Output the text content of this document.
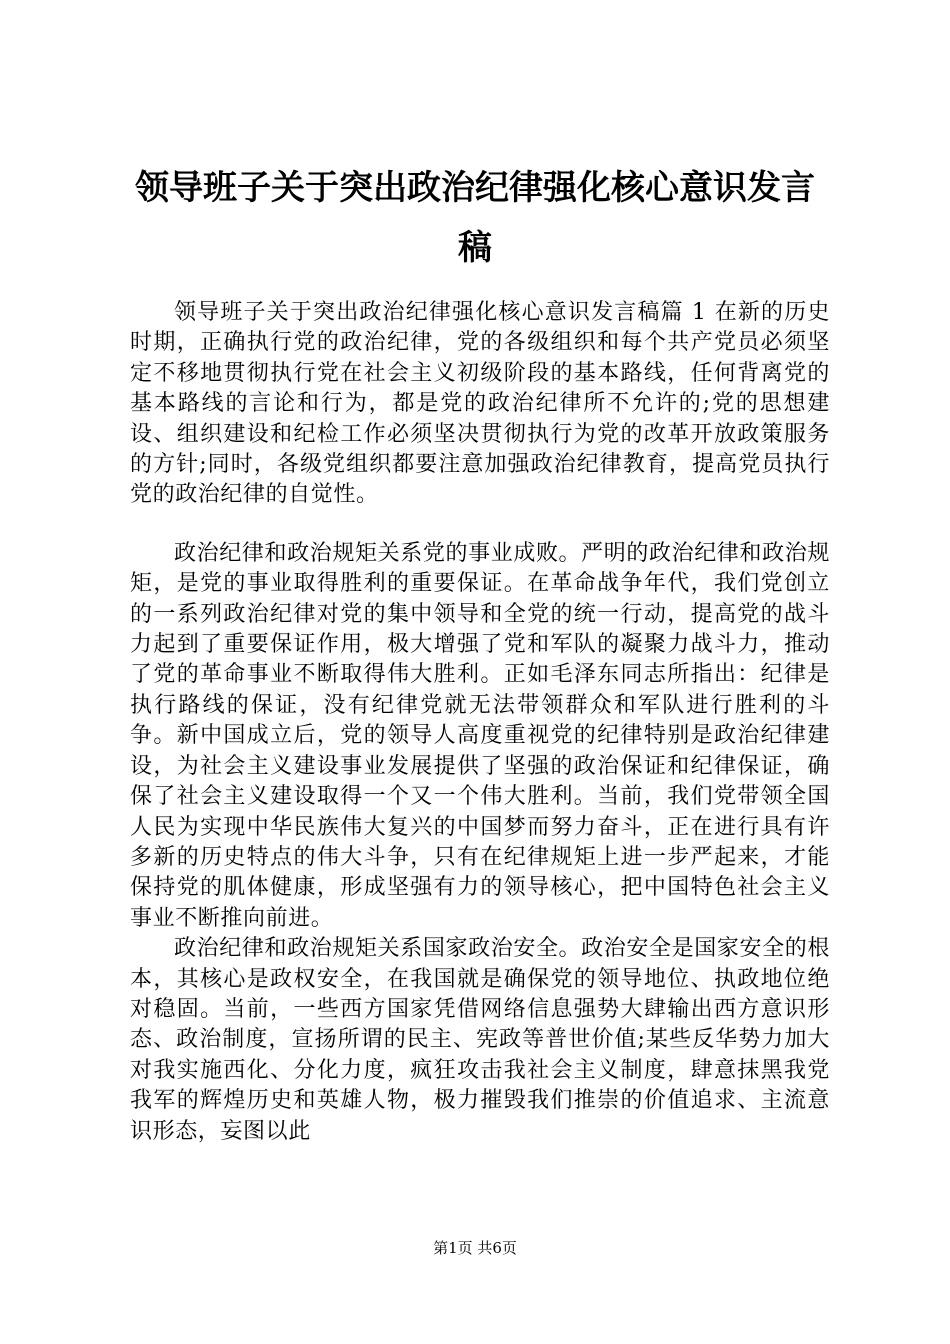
领导班子关于突出政治纪律强化核心意识发言稿

领导班子关于突出政治纪律强化核心意识发言稿篇 1 在新的历史时期，正确执行党的政治纪律，党的各级组织和每个共产党员必须坚定不移地贯彻执行党在社会主义初级阶段的基本路线，任何背离党的基本路线的言论和行为，都是党的政治纪律所不允许的;党的思想建设、组织建设和纪检工作必须坚决贯彻执行为党的改革开放政策服务的方针;同时，各级党组织都要注意加强政治纪律教育，提高党员执行党的政治纪律的自觉性。

政治纪律和政治规矩关系党的事业成败。严明的政治纪律和政治规矩，是党的事业取得胜利的重要保证。在革命战争年代，我们党创立的一系列政治纪律对党的集中领导和全党的统一行动，提高党的战斗力起到了重要保证作用，极大增强了党和军队的凝聚力战斗力，推动了党的革命事业不断取得伟大胜利。正如毛泽东同志所指出：纪律是执行路线的保证，没有纪律党就无法带领群众和军队进行胜利的斗争。新中国成立后，党的领导人高度重视党的纪律特别是政治纪律建设，为社会主义建设事业发展提供了坚强的政治保证和纪律保证，确保了社会主义建设取得一个又一个伟大胜利。当前，我们党带领全国人民为实现中华民族伟大复兴的中国梦而努力奋斗，正在进行具有许多新的历史特点的伟大斗争，只有在纪律规矩上进一步严起来，才能保持党的肌体健康，形成坚强有力的领导核心，把中国特色社会主义事业不断推向前进。

政治纪律和政治规矩关系国家政治安全。政治安全是国家安全的根本，其核心是政权安全，在我国就是确保党的领导地位、执政地位绝对稳固。当前，一些西方国家凭借网络信息强势大肆输出西方意识形态、政治制度，宣扬所谓的民主、宪政等普世价值;某些反华势力加大对我实施西化、分化力度，疯狂攻击我社会主义制度，肆意抹黑我党我军的辉煌历史和英雄人物，极力摧毁我们推崇的价值追求、主流意识形态，妄图以此

第1页 共6页
